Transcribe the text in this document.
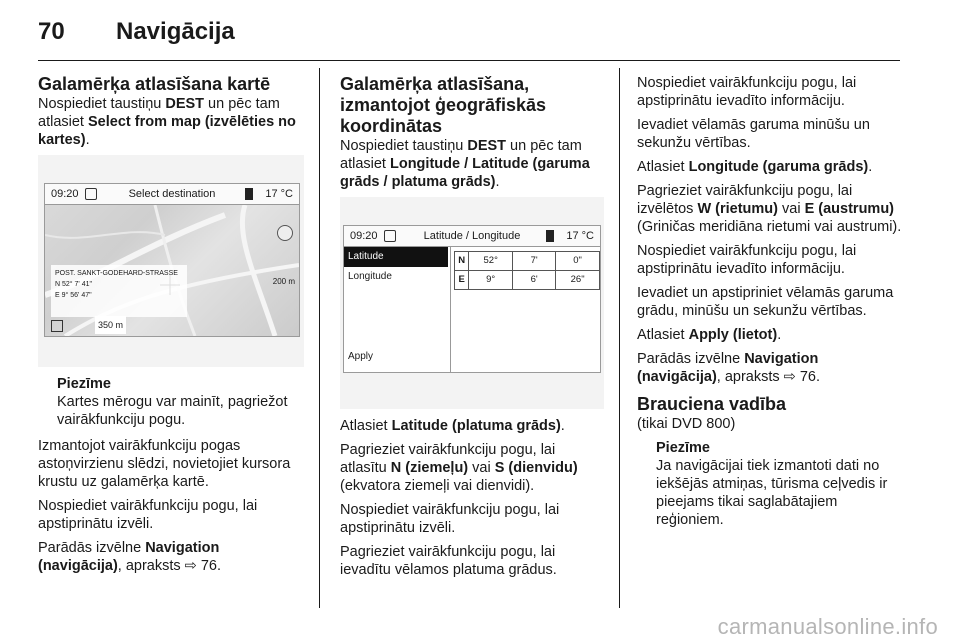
70 Navigācija
Galamērķa atlasīšana kartē

Nospiediet taustiņu DEST un pēc tam atlasiet Select from map (izvēlēties no kartes).

09:20	Select destination	17 °C
POST. SANKT-GODEHARD-STRASSE
N 52° 7' 41"
E 9° 56' 47"
200 m
350 m
Piezīme
Kartes mērogu var mainīt, pagriežot vairākfunkciju pogu.

Izmantojot vairākfunkciju pogas astoņvirzienu slēdzi, novietojiet kursora krustu uz galamērķa kartē.

Nospiediet vairākfunkciju pogu, lai apstiprinātu izvēli.

Parādās izvēlne Navigation (navigācija), apraksts ⇨ 76.

Galamērķa atlasīšana, izmantojot ģeogrāfiskās koordinātas

Nospiediet taustiņu DEST un pēc tam atlasiet Longitude / Latitude (garuma grāds / platuma grāds).

09:20	Latitude / Longitude	17 °C
Latitude
Longitude
Apply
N	52°	7'	0"
E	9°	6'	26"

Atlasiet Latitude (platuma grāds).

Pagrieziet vairākfunkciju pogu, lai atlasītu N (ziemeļu) vai S (dienvidu) (ekvatora ziemeļi vai dienvidi).

Nospiediet vairākfunkciju pogu, lai apstiprinātu izvēli.

Pagrieziet vairākfunkciju pogu, lai ievadītu vēlamos platuma grādus.

Nospiediet vairākfunkciju pogu, lai apstiprinātu ievadīto informāciju.

Ievadiet vēlamās garuma minūšu un sekunžu vērtības.

Atlasiet Longitude (garuma grāds).

Pagrieziet vairākfunkciju pogu, lai izvēlētos W (rietumu) vai E (austrumu) (Griničas meridiāna rietumi vai austrumi).

Nospiediet vairākfunkciju pogu, lai apstiprinātu ievadīto informāciju.

Ievadiet un apstipriniet vēlamās garuma grādu, minūšu un sekunžu vērtības.

Atlasiet Apply (lietot).

Parādās izvēlne Navigation (navigācija), apraksts ⇨ 76.

Brauciena vadība

(tikai DVD 800)

Piezīme
Ja navigācijai tiek izmantoti dati no iekšējās atmiņas, tūrisma ceļvedis ir pieejams tikai saglabātajiem reģioniem.
carmanualsonline.info
